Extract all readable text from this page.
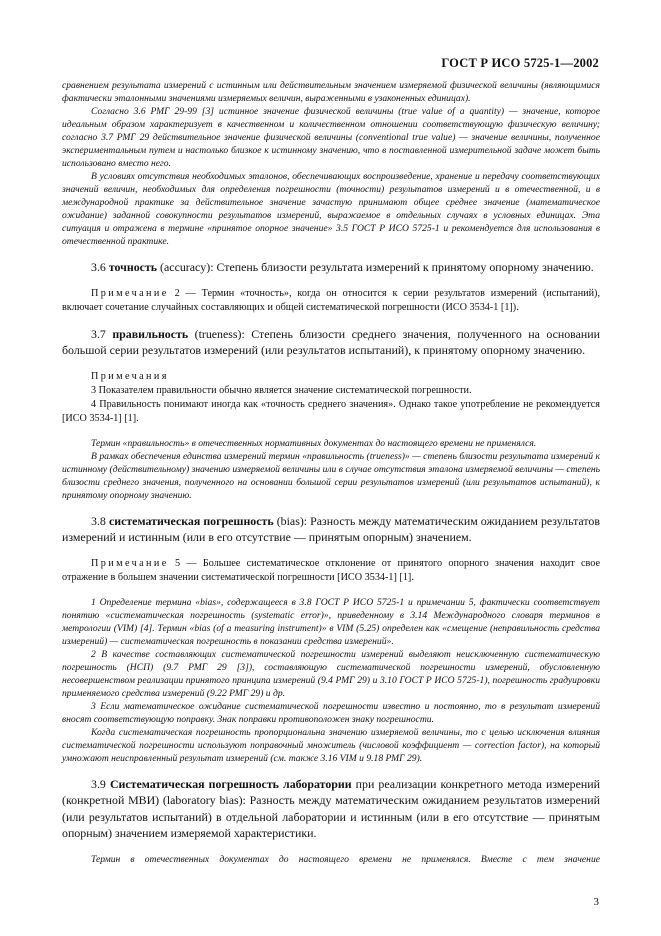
ГОСТ Р ИСО 5725-1—2002

сравнением результата измерений с истинным или действительным значением измеряемой физической величины (являющимися фактически эталонными значениями измеряемых величин, выраженными в узаконенных единицах).

Согласно 3.6 РМГ 29-99 [3] истинное значение физической величины (true value of a quantity) — значение, которое идеальным образом характеризует в качественном и количественном отношении соответствующую физическую величину; согласно 3.7 РМГ 29 действительное значение физической величины (conventional true value) — значение величины, полученное экспериментальным путем и настолько близкое к истинному значению, что в поставленной измерительной задаче может быть использовано вместо него.

В условиях отсутствия необходимых эталонов, обеспечивающих воспроизведение, хранение и передачу соответствующих значений величин, необходимых для определения погрешности (точности) результатов измерений и в отечественной, и в международной практике за действительное значение зачастую принимают общее среднее значение (математическое ожидание) заданной совокупности результатов измерений, выражаемое в отдельных случаях в условных единицах. Эта ситуация и отражена в термине «принятое опорное значение» 3.5 ГОСТ Р ИСО 5725-1 и рекомендуется для использования в отечественной практике.

3.6 точность (accuracy): Степень близости результата измерений к принятому опорному значению.

Примечание 2 — Термин «точность», когда он относится к серии результатов измерений (испытаний), включает сочетание случайных составляющих и общей систематической погрешности (ИСО 3534-1 [1]).

3.7 правильность (trueness): Степень близости среднего значения, полученного на основании большой серии результатов измерений (или результатов испытаний), к принятому опорному значению.

Примечания

3 Показателем правильности обычно является значение систематической погрешности.

4 Правильность понимают иногда как «точность среднего значения». Однако такое употребление не рекомендуется [ИСО 3534-1] [1].

Термин «правильность» в отечественных нормативных документах до настоящего времени не применялся.

В рамках обеспечения единства измерений термин «правильность (trueness)» — степень близости результата измерений к истинному (действительному) значению измеряемой величины или в случае отсутствия эталона измеряемой величины — степень близости среднего значения, полученного на основании большой серии результатов измерений (или результатов испытаний), к принятому опорному значению.

3.8 систематическая погрешность (bias): Разность между математическим ожиданием результатов измерений и истинным (или в его отсутствие — принятым опорным) значением.

Примечание 5 — Большее систематическое отклонение от принятого опорного значения находит свое отражение в большем значении систематической погрешности [ИСО 3534-1] [1].

1 Определение термина «bias», содержащееся в 3.8 ГОСТ Р ИСО 5725-1 и примечании 5, фактически соответствует понятию «систематическая погрешность (systematic error)», приведенному в 3.14 Международного словаря терминов в метрологии (VIM) [4]. Термин «bias (of a measuring instrument)» в VIM (5.25) определен как «смещение (неправильность средства измерений) — систематическая погрешность в показании средства измерений».

2 В качестве составляющих систематической погрешности измерений выделяют неисключенную систематическую погрешность (НСП) (9.7 РМГ 29 [3]), составляющую систематической погрешности измерений, обусловленную несовершенством реализации принятого принципа измерений (9.4 РМГ 29) и 3.10 ГОСТ Р ИСО 5725-1), погрешность градуировки применяемого средства измерений (9.22 РМГ 29) и др.

3 Если математическое ожидание систематической погрешности известно и постоянно, то в результат измерений вносят соответствующую поправку. Знак поправки противоположен знаку погрешности.

Когда систематическая погрешность пропорциональна значению измеряемой величины, то с целью исключения влияния систематической погрешности используют поправочный множитель (числовой коэффициент — correction factor), на который умножают неисправленный результат измерений (см. также 3.16 VIM и 9.18 РМГ 29).

3.9 Систематическая погрешность лаборатории при реализации конкретного метода измерений (конкретной МВИ) (laboratory bias): Разность между математическим ожиданием результатов измерений (или результатов испытаний) в отдельной лаборатории и истинным (или в его отсутствие — принятым опорным) значением измеряемой характеристики.

Термин в отечественных документах до настоящего времени не применялся. Вместе с тем значение

3
